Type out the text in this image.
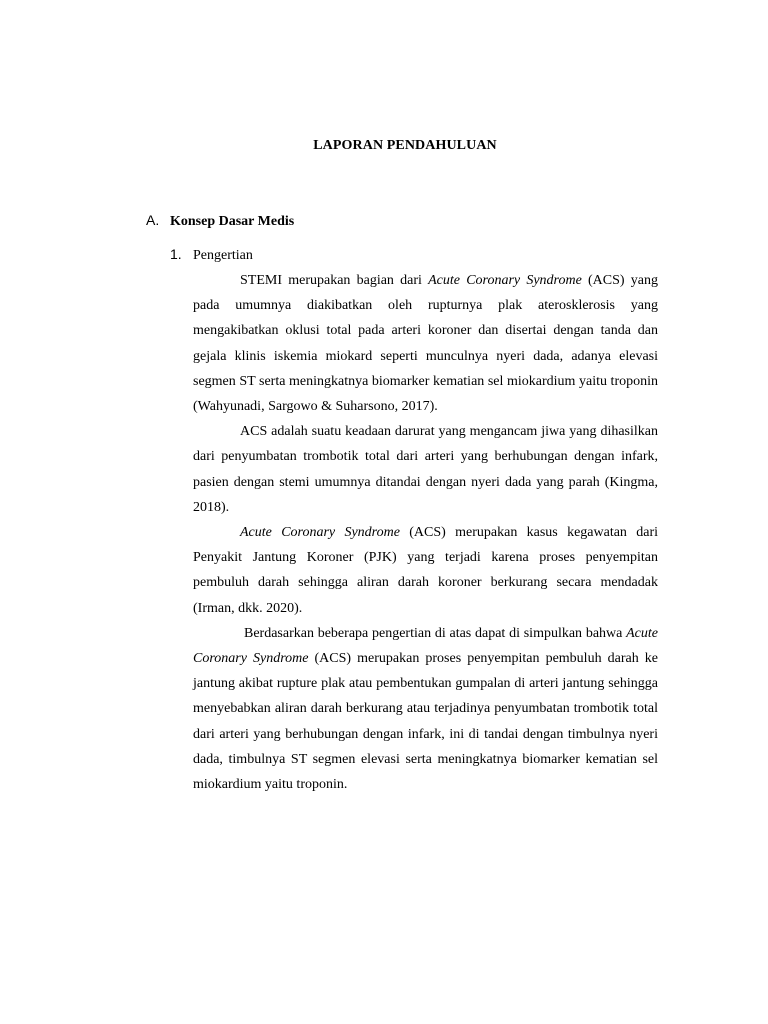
LAPORAN PENDAHULUAN
A. Konsep Dasar Medis
1. Pengertian

STEMI merupakan bagian dari Acute Coronary Syndrome (ACS) yang pada umumnya diakibatkan oleh rupturnya plak aterosklerosis yang mengakibatkan oklusi total pada arteri koroner dan disertai dengan tanda dan gejala klinis iskemia miokard seperti munculnya nyeri dada, adanya elevasi segmen ST serta meningkatnya biomarker kematian sel miokardium yaitu troponin (Wahyunadi, Sargowo & Suharsono, 2017).

ACS adalah suatu keadaan darurat yang mengancam jiwa yang dihasilkan dari penyumbatan trombotik total dari arteri yang berhubungan dengan infark, pasien dengan stemi umumnya ditandai dengan nyeri dada yang parah (Kingma, 2018).

Acute Coronary Syndrome (ACS) merupakan kasus kegawatan dari Penyakit Jantung Koroner (PJK) yang terjadi karena proses penyempitan pembuluh darah sehingga aliran darah koroner berkurang secara mendadak (Irman, dkk. 2020).

Berdasarkan beberapa pengertian di atas dapat di simpulkan bahwa Acute Coronary Syndrome (ACS) merupakan proses penyempitan pembuluh darah ke jantung akibat rupture plak atau pembentukan gumpalan di arteri jantung sehingga menyebabkan aliran darah berkurang atau terjadinya penyumbatan trombotik total dari arteri yang berhubungan dengan infark, ini di tandai dengan timbulnya nyeri dada, timbulnya ST segmen elevasi serta meningkatnya biomarker kematian sel miokardium yaitu troponin.
